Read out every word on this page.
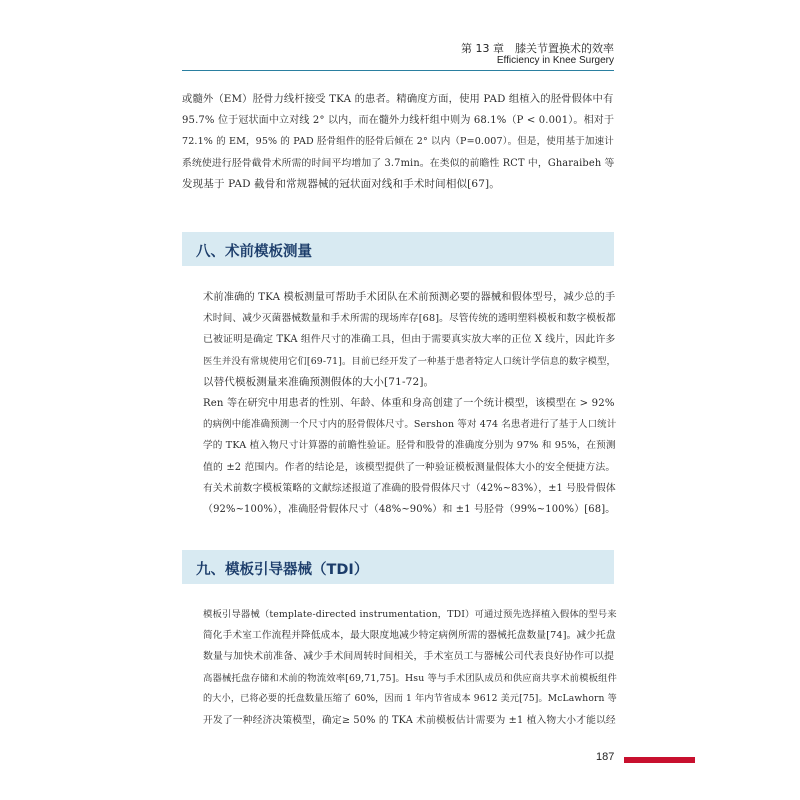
第 13 章　膝关节置换术的效率

Efficiency in Knee Surgery

或髓外（EM）胫骨力线杆接受 TKA 的患者。精确度方面，使用 PAD 组植入的胫骨假体中有
95.7% 位于冠状面中立对线 2° 以内，而在髓外力线杆组中则为 68.1%（P < 0.001）。相对于
72.1% 的 EM，95% 的 PAD 胫骨组件的胫骨后倾在 2° 以内（P=0.007）。但是，使用基于加速计
系统使进行胫骨截骨术所需的时间平均增加了 3.7min。在类似的前瞻性 RCT 中，Gharaibeh 等
发现基于 PAD 截骨和常规器械的冠状面对线和手术时间相似[67]。

八、术前模板测量

术前准确的 TKA 模板测量可帮助手术团队在术前预测必要的器械和假体型号，减少总的手
术时间、减少灭菌器械数量和手术所需的现场库存[68]。尽管传统的透明塑料模板和数字模板都
已被证明是确定 TKA 组件尺寸的准确工具，但由于需要真实放大率的正位 X 线片，因此许多
医生并没有常规使用它们[69-71]。目前已经开发了一种基于患者特定人口统计学信息的数字模型，
以替代模板测量来准确预测假体的大小[71-72]。
Ren 等在研究中用患者的性别、年龄、体重和身高创建了一个统计模型，该模型在 > 92%
的病例中能准确预测一个尺寸内的胫骨假体尺寸。Sershon 等对 474 名患者进行了基于人口统计
学的 TKA 植入物尺寸计算器的前瞻性验证。胫骨和股骨的准确度分别为 97% 和 95%，在预测
值的 ±2 范围内。作者的结论是，该模型提供了一种验证模板测量假体大小的安全便捷方法。
有关术前数字模板策略的文献综述报道了准确的股骨假体尺寸（42%~83%），±1 号股骨假体
（92%~100%），准确胫骨假体尺寸（48%~90%）和 ±1 号胫骨（99%~100%）[68]。

九、模板引导器械（TDI）

模板引导器械（template-directed instrumentation，TDI）可通过预先选择植入假体的型号来
简化手术室工作流程并降低成本，最大限度地减少特定病例所需的器械托盘数量[74]。减少托盘
数量与加快术前准备、减少手术间周转时间相关，手术室员工与器械公司代表良好协作可以提
高器械托盘存储和术前的物流效率[69,71,75]。Hsu 等与手术团队成员和供应商共享术前模板组件
的大小，已将必要的托盘数量压缩了 60%，因而 1 年内节省成本 9612 美元[75]。McLawhorn 等
开发了一种经济决策模型，确定≥ 50% 的 TKA 术前模板估计需要为 ±1 植入物大小才能以经

187
